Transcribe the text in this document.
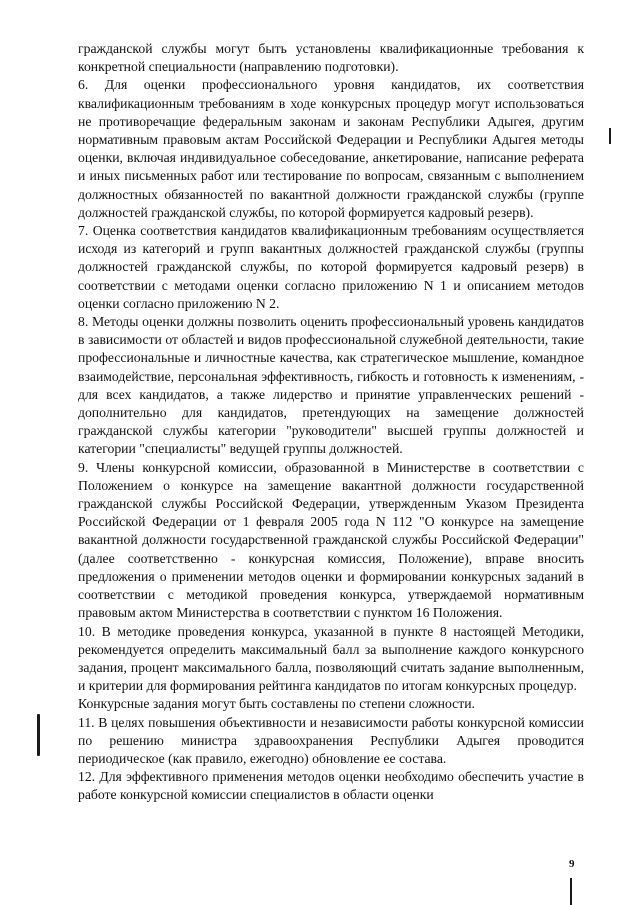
гражданской службы могут быть установлены квалификационные требования к конкретной специальности (направлению подготовки).

6. Для оценки профессионального уровня кандидатов, их соответствия квалификационным требованиям в ходе конкурсных процедур могут использоваться не противоречащие федеральным законам и законам Республики Адыгея, другим нормативным правовым актам Российской Федерации и Республики Адыгея методы оценки, включая индивидуальное собеседование, анкетирование, написание реферата и иных письменных работ или тестирование по вопросам, связанным с выполнением должностных обязанностей по вакантной должности гражданской службы (группе должностей гражданской службы, по которой формируется кадровый резерв).

7. Оценка соответствия кандидатов квалификационным требованиям осуществляется исходя из категорий и групп вакантных должностей гражданской службы (группы должностей гражданской службы, по которой формируется кадровый резерв) в соответствии с методами оценки согласно приложению N 1 и описанием методов оценки согласно приложению N 2.

8. Методы оценки должны позволить оценить профессиональный уровень кандидатов в зависимости от областей и видов профессиональной служебной деятельности, такие профессиональные и личностные качества, как стратегическое мышление, командное взаимодействие, персональная эффективность, гибкость и готовность к изменениям, - для всех кандидатов, а также лидерство и принятие управленческих решений - дополнительно для кандидатов, претендующих на замещение должностей гражданской службы категории "руководители" высшей группы должностей и категории "специалисты" ведущей группы должностей.

9. Члены конкурсной комиссии, образованной в Министерстве в соответствии с Положением о конкурсе на замещение вакантной должности государственной гражданской службы Российской Федерации, утвержденным Указом Президента Российской Федерации от 1 февраля 2005 года N 112 "О конкурсе на замещение вакантной должности государственной гражданской службы Российской Федерации" (далее соответственно - конкурсная комиссия, Положение), вправе вносить предложения о применении методов оценки и формировании конкурсных заданий в соответствии с методикой проведения конкурса, утверждаемой нормативным правовым актом Министерства в соответствии с пунктом 16 Положения.

10. В методике проведения конкурса, указанной в пункте 8 настоящей Методики, рекомендуется определить максимальный балл за выполнение каждого конкурсного задания, процент максимального балла, позволяющий считать задание выполненным, и критерии для формирования рейтинга кандидатов по итогам конкурсных процедур.

Конкурсные задания могут быть составлены по степени сложности.

11. В целях повышения объективности и независимости работы конкурсной комиссии по решению министра здравоохранения Республики Адыгея проводится периодическое (как правило, ежегодно) обновление ее состава.

12. Для эффективного применения методов оценки необходимо обеспечить участие в работе конкурсной комиссии специалистов в области оценки

9
